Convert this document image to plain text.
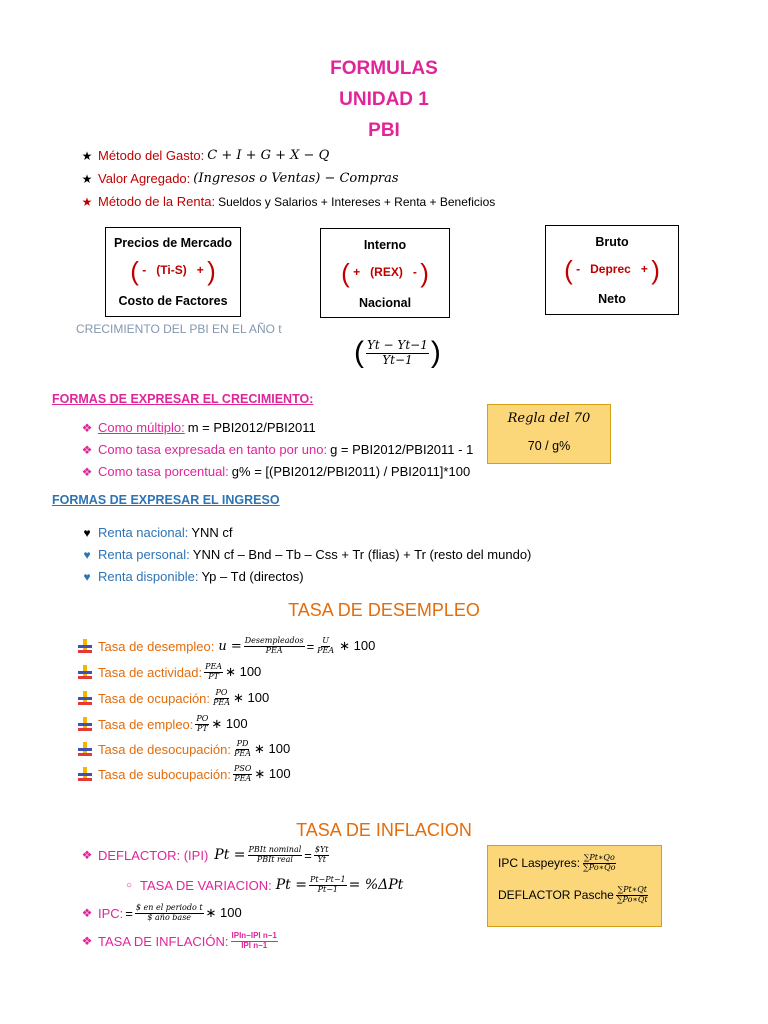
FORMULAS
UNIDAD 1
PBI
★ Método del Gasto: C + I + G + X − Q
★ Valor Agregado: (Ingresos o Ventas) − Compras
★ Método de la Renta: Sueldos y Salarios + Intereses + Renta + Beneficios
Precios de Mercado
( - (Ti-S) + )
Costo de Factores
Interno
( + (REX) - )
Nacional
Bruto
( - Deprec + )
Neto
CRECIMIENTO DEL PBI EN EL AÑO t
( $\frac{Yt - Yt-1}{Yt-1}$ )
FORMAS DE EXPRESAR EL CRECIMIENTO:
❖ Como múltiplo: m = PBI2012/PBI2011
❖ Como tasa expresada en tanto por uno: g = PBI2012/PBI2011 - 1
❖ Como tasa porcentual: g% = [(PBI2012/PBI2011) / PBI2011]*100
Regla del 70
70 / g%
FORMAS DE EXPRESAR EL INGRESO
♥ Renta nacional: YNN cf
♥ Renta personal: YNN cf – Bnd – Tb – Css + Tr (flias) + Tr (resto del mundo)
♥ Renta disponible: Yp – Td (directos)
TASA DE DESEMPLEO
Tasa de desempleo: $u = \frac{\text{Desempleados}}{\text{PEA}} = \frac{U}{\text{PEA}}$ ∗ 100
Tasa de actividad: $\frac{\text{PEA}}{PT}$ ∗ 100
Tasa de ocupación: $\frac{PO}{\text{PEA}}$ ∗ 100
Tasa de empleo: $\frac{PO}{PT}$ ∗ 100
Tasa de desocupación: $\frac{PD}{\text{PEA}}$ ∗ 100
Tasa de subocupación: $\frac{\text{PSO}}{\text{PEA}}$ ∗ 100
TASA DE INFLACION
❖ DEFLACTOR: (IPI) $Pt = \frac{\text{PBIt nominal}}{\text{PBIt real}} = \frac{\$Yt}{Yt}$
○ TASA DE VARIACION: $Pt = \frac{Pt-Pt-1}{Pt-1} = \%\Delta Pt$
❖ IPC: = $\frac{\text{\$ en el periodo t}}{\text{\$ año base}}$ ∗ 100
❖ TASA DE INFLACIÓN: $\frac{\text{IPIn−IPI n−1}}{\text{IPI n−1}}$
IPC Laspeyres: $\frac{\sum Pt∗Qo}{\sum Po∗Qo}$
DEFLACTOR Pasche $\frac{\sum Pt∗Qt}{\sum Po∗Qt}$
